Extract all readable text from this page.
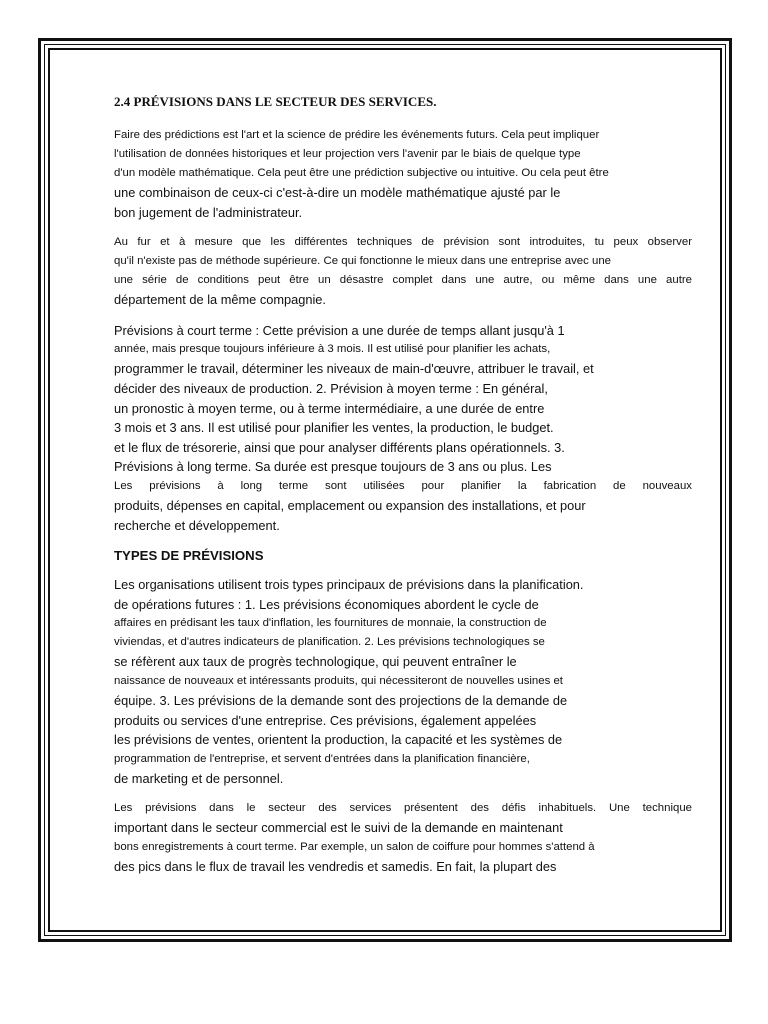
2.4 PRÉVISIONS DANS LE SECTEUR DES SERVICES.
Faire des prédictions est l'art et la science de prédire les événements futurs. Cela peut impliquer
l'utilisation de données historiques et leur projection vers l'avenir par le biais de quelque type
d'un modèle mathématique. Cela peut être une prédiction subjective ou intuitive. Ou cela peut être
une combinaison de ceux-ci c'est-à-dire un modèle mathématique ajusté par le
bon jugement de l'administrateur.
Au fur et à mesure que les différentes techniques de prévision sont introduites, tu peux observer
qu'il n'existe pas de méthode supérieure. Ce qui fonctionne le mieux dans une entreprise avec une
une série de conditions peut être un désastre complet dans une autre, ou même dans une autre
département de la même compagnie.
Prévisions à court terme : Cette prévision a une durée de temps allant jusqu'à 1
année, mais presque toujours inférieure à 3 mois. Il est utilisé pour planifier les achats,
programmer le travail, déterminer les niveaux de main-d'œuvre, attribuer le travail, et
décider des niveaux de production. 2. Prévision à moyen terme : En général,
un pronostic à moyen terme, ou à terme intermédiaire, a une durée de entre
3 mois et 3 ans. Il est utilisé pour planifier les ventes, la production, le budget.
et le flux de trésorerie, ainsi que pour analyser différents plans opérationnels. 3.
Prévisions à long terme. Sa durée est presque toujours de 3 ans ou plus. Les
Les prévisions à long terme sont utilisées pour planifier la fabrication de nouveaux
produits, dépenses en capital, emplacement ou expansion des installations, et pour
recherche et développement.
TYPES DE PRÉVISIONS
Les organisations utilisent trois types principaux de prévisions dans la planification.
de opérations futures : 1. Les prévisions économiques abordent le cycle de
affaires en prédisant les taux d'inflation, les fournitures de monnaie, la construction de
viviendas, et d'autres indicateurs de planification. 2. Les prévisions technologiques se
se réfèrent aux taux de progrès technologique, qui peuvent entraîner le
naissance de nouveaux et intéressants produits, qui nécessiteront de nouvelles usines et
équipe. 3. Les prévisions de la demande sont des projections de la demande de
produits ou services d'une entreprise. Ces prévisions, également appelées
les prévisions de ventes, orientent la production, la capacité et les systèmes de
programmation de l'entreprise, et servent d'entrées dans la planification financière,
de marketing et de personnel.
Les prévisions dans le secteur des services présentent des défis inhabituels. Une technique
important dans le secteur commercial est le suivi de la demande en maintenant
bons enregistrements à court terme. Par exemple, un salon de coiffure pour hommes s'attend à
des pics dans le flux de travail les vendredis et samedis. En fait, la plupart des
